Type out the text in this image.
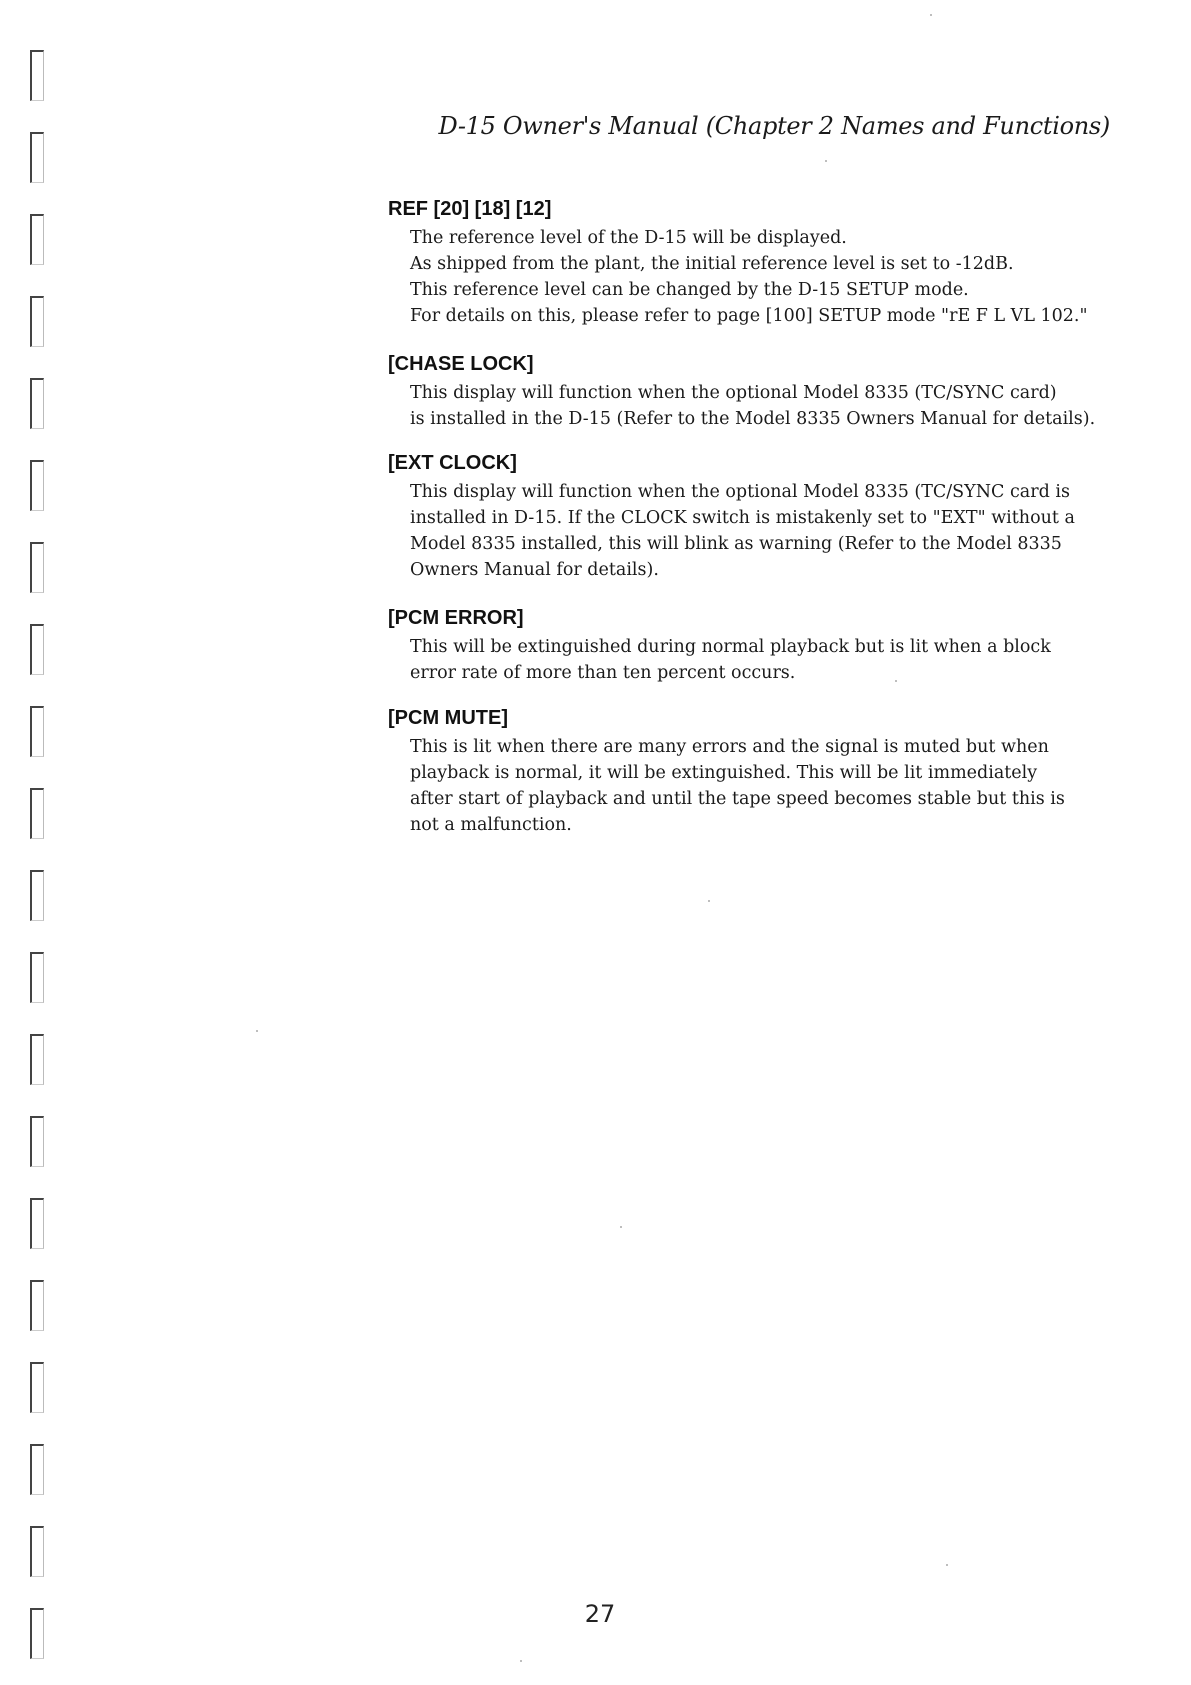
D-15 Owner's Manual (Chapter 2 Names and Functions)
REF [20] [18] [12]
The reference level of the D-15 will be displayed.
As shipped from the plant, the initial reference level is set to -12dB.
This reference level can be changed by the D-15 SETUP mode.
For details on this, please refer to page [100] SETUP mode "rE F L VL 102."
[CHASE LOCK]
This display will function when the optional Model 8335 (TC/SYNC card)
is installed in the D-15 (Refer to the Model 8335 Owners Manual for details).
[EXT CLOCK]
This display will function when the optional Model 8335 (TC/SYNC card is
installed in D-15. If the CLOCK switch is mistakenly set to "EXT" without a
Model 8335 installed, this will blink as warning (Refer to the Model 8335
Owners Manual for details).
[PCM ERROR]
This will be extinguished during normal playback but is lit when a block
error rate of more than ten percent occurs.
[PCM MUTE]
This is lit when there are many errors and the signal is muted but when
playback is normal, it will be extinguished. This will be lit immediately
after start of playback and until the tape speed becomes stable but this is
not a malfunction.
27
